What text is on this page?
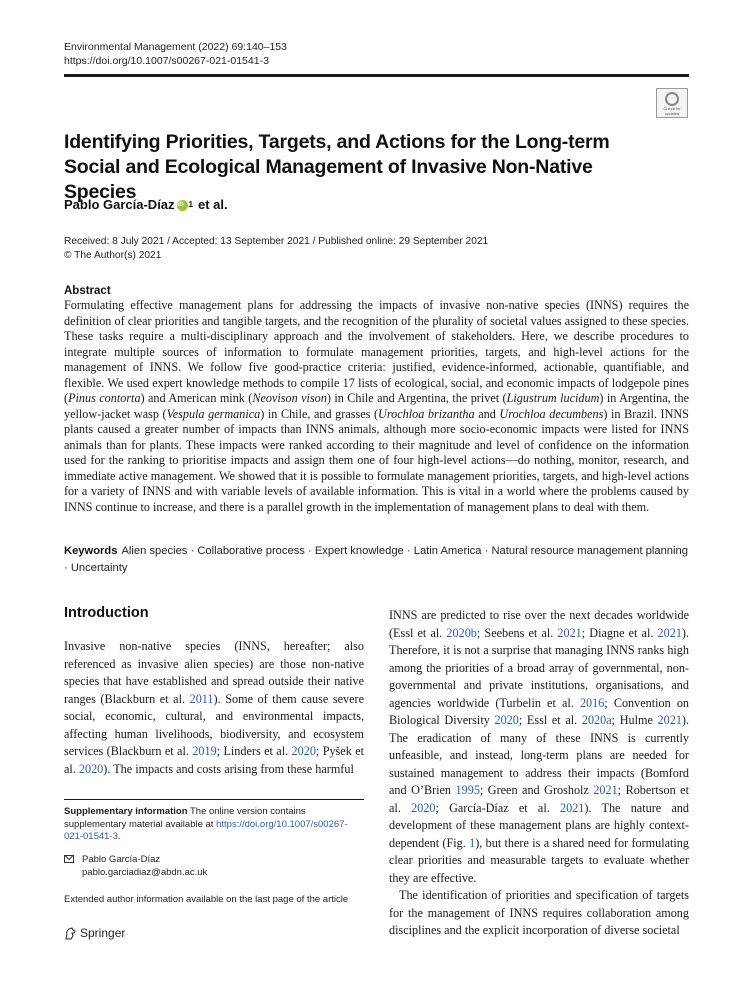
Environmental Management (2022) 69:140–153
https://doi.org/10.1007/s00267-021-01541-3
Check for updates
Identifying Priorities, Targets, and Actions for the Long-term Social and Ecological Management of Invasive Non-Native Species
Pablo García-Díaz
iD 1 et al.
Received: 8 July 2021 / Accepted: 13 September 2021 / Published online: 29 September 2021
© The Author(s) 2021
Abstract
Formulating effective management plans for addressing the impacts of invasive non-native species (INNS) requires the definition of clear priorities and tangible targets, and the recognition of the plurality of societal values assigned to these species. These tasks require a multi-disciplinary approach and the involvement of stakeholders. Here, we describe procedures to integrate multiple sources of information to formulate management priorities, targets, and high-level actions for the management of INNS. We follow five good-practice criteria: justified, evidence-informed, actionable, quantifiable, and flexible. We used expert knowledge methods to compile 17 lists of ecological, social, and economic impacts of lodgepole pines (Pinus contorta) and American mink (Neovison vison) in Chile and Argentina, the privet (Ligustrum lucidum) in Argentina, the yellow-jacket wasp (Vespula germanica) in Chile, and grasses (Urochloa brizantha and Urochloa decumbens) in Brazil. INNS plants caused a greater number of impacts than INNS animals, although more socio-economic impacts were listed for INNS animals than for plants. These impacts were ranked according to their magnitude and level of confidence on the information used for the ranking to prioritise impacts and assign them one of four high-level actions—do nothing, monitor, research, and immediate active management. We showed that it is possible to formulate management priorities, targets, and high-level actions for a variety of INNS and with variable levels of available information. This is vital in a world where the problems caused by INNS continue to increase, and there is a parallel growth in the implementation of management plans to deal with them.
Keywords Alien species · Collaborative process · Expert knowledge · Latin America · Natural resource management planning · Uncertainty
Introduction
Invasive non-native species (INNS, hereafter; also referenced as invasive alien species) are those non-native species that have established and spread outside their native ranges (Blackburn et al. 2011). Some of them cause severe social, economic, cultural, and environmental impacts, affecting human livelihoods, biodiversity, and ecosystem services (Blackburn et al. 2019; Linders et al. 2020; Pyšek et al. 2020). The impacts and costs arising from these harmful

INNS are predicted to rise over the next decades worldwide (Essl et al. 2020b; Seebens et al. 2021; Diagne et al. 2021). Therefore, it is not a surprise that managing INNS ranks high among the priorities of a broad array of governmental, non-governmental and private institutions, organisations, and agencies worldwide (Turbelin et al. 2016; Convention on Biological Diversity 2020; Essl et al. 2020a; Hulme 2021). The eradication of many of these INNS is currently unfeasible, and instead, long-term plans are needed for sustained management to address their impacts (Bomford and O’Brien 1995; Green and Grosholz 2021; Robertson et al. 2020; García-Díaz et al. 2021). The nature and development of these management plans are highly context-dependent (Fig. 1), but there is a shared need for formulating clear priorities and measurable targets to evaluate whether they are effective.

The identification of priorities and specification of targets for the management of INNS requires collaboration among disciplines and the explicit incorporation of diverse societal

Supplementary information The online version contains supplementary material available at https://doi.org/10.1007/s00267-021-01541-3.
Pablo García-Díaz
pablo.garciadiaz@abdn.ac.uk
Extended author information available on the last page of the article
Springer
